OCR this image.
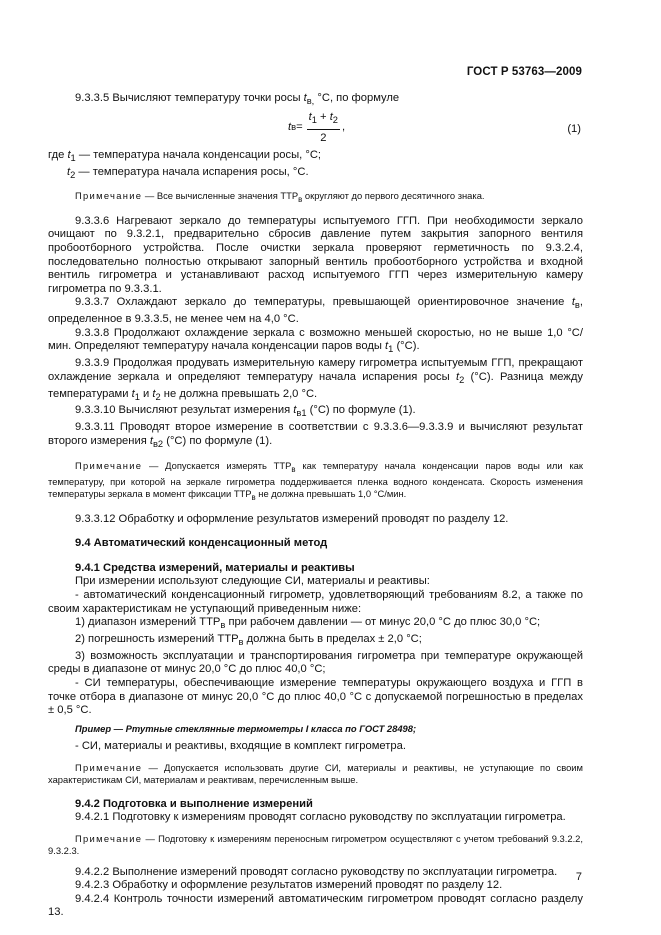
ГОСТ Р 53763—2009

9.3.3.5 Вычисляют температуру точки росы $t_{в,}$ °С, по формуле

t $в = \frac{t_1 + t_2}{2}$ ,	(1)

где $t_1$ — температура начала конденсации росы, °С;

$t_2$ — температура начала испарения росы, °С.

Примечание — Все вычисленные значения $ТТР_в$ округляют до первого десятичного знака.

9.3.3.6 Нагревают зеркало до температуры испытуемого ГГП. При необходимости зеркало очищают по 9.3.2.1, предварительно сбросив давление путем закрытия запорного вентиля пробоотборного устройства. После очистки зеркала проверяют герметичность по 9.3.2.4, последовательно полностью открывают запорный вентиль пробоотборного устройства и входной вентиль гигрометра и устанавливают расход испытуемого ГГП через измерительную камеру гигрометра по 9.3.3.1.

9.3.3.7 Охлаждают зеркало до температуры, превышающей ориентировочное значение $t_в$, определенное в 9.3.3.5, не менее чем на 4,0 °С.

9.3.3.8 Продолжают охлаждение зеркала с возможно меньшей скоростью, но не выше 1,0 °С/мин. Определяют температуру начала конденсации паров воды $t_1$ (°С).

9.3.3.9 Продолжая продувать измерительную камеру гигрометра испытуемым ГГП, прекращают охлаждение зеркала и определяют температуру начала испарения росы $t_2$ (°С). Разница между температурами $t_1$ и $t_2$ не должна превышать 2,0 °С.

9.3.3.10 Вычисляют результат измерения $t_{в1}$ (°С) по формуле (1).

9.3.3.11 Проводят второе измерение в соответствии с 9.3.3.6—9.3.3.9 и вычисляют результат второго измерения $t_{в2}$ (°С) по формуле (1).

Примечание — Допускается измерять $ТТР_в$ как температуру начала конденсации паров воды или как температуру, при которой на зеркале гигрометра поддерживается пленка водного конденсата. Скорость изменения температуры зеркала в момент фиксации $ТТР_в$ не должна превышать 1,0 °С/мин.

9.3.3.12 Обработку и оформление результатов измерений проводят по разделу 12.

9.4 Автоматический конденсационный метод

9.4.1 Средства измерений, материалы и реактивы

При измерении используют следующие СИ, материалы и реактивы:

- автоматический конденсационный гигрометр, удовлетворяющий требованиям 8.2, а также по своим характеристикам не уступающий приведенным ниже:

1) диапазон измерений $ТТР_в$ при рабочем давлении — от минус 20,0 °С до плюс 30,0 °С;

2) погрешность измерений $ТТР_в$ должна быть в пределах ± 2,0 °С;

3) возможность эксплуатации и транспортирования гигрометра при температуре окружающей среды в диапазоне от минус 20,0 °С до плюс 40,0 °С;

- СИ температуры, обеспечивающие измерение температуры окружающего воздуха и ГГП в точке отбора в диапазоне от минус 20,0 °С до плюс 40,0 °С с допускаемой погрешностью в пределах ± 0,5 °С.

Пример — Ртутные стеклянные термометры I класса по ГОСТ 28498;

- СИ, материалы и реактивы, входящие в комплект гигрометра.

Примечание — Допускается использовать другие СИ, материалы и реактивы, не уступающие по своим характеристикам СИ, материалам и реактивам, перечисленным выше.

9.4.2 Подготовка и выполнение измерений

9.4.2.1 Подготовку к измерениям проводят согласно руководству по эксплуатации гигрометра.

Примечание — Подготовку к измерениям переносным гигрометром осуществляют с учетом требований 9.3.2.2, 9.3.2.3.

9.4.2.2 Выполнение измерений проводят согласно руководству по эксплуатации гигрометра.

9.4.2.3 Обработку и оформление результатов измерений проводят по разделу 12.

9.4.2.4 Контроль точности измерений автоматическим гигрометром проводят согласно разделу 13.

7
